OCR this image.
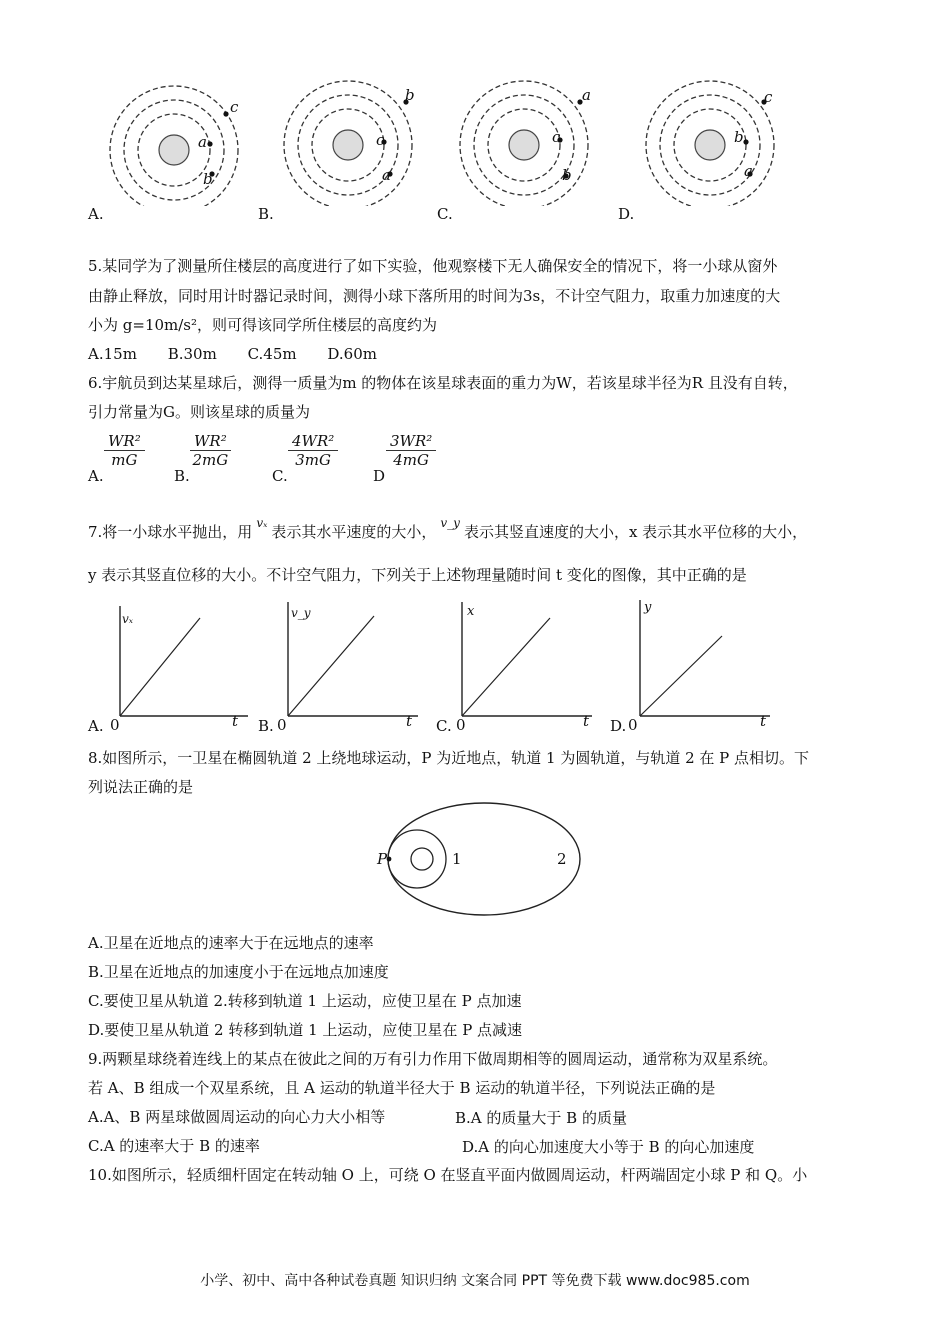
a
b
c
A.
a
c
b
B.
c
b
a
C.
b
a
c
D.
5.某同学为了测量所住楼层的高度进行了如下实验，他观察楼下无人确保安全的情况下，将一小球从窗外
由静止释放，同时用计时器记录时间，测得小球下落所用的时间为3s，不计空气阻力，取重力加速度的大
小为 g=10m/s²，则可得该同学所住楼层的高度约为
A.15m B.30m C.45m D.60m
6.宇航员到达某星球后，测得一质量为m 的物体在该星球表面的重力为W，若该星球半径为R 且没有自转，
引力常量为G。则该星球的质量为
A.
$\frac{\text{WR²}}{mG}$
B.
$\frac{\text{WR²}}{2mG}$
C.
$\frac{\text{4WR²}}{3mG}$
D
$\frac{\text{3WR²}}{4mG}$
7.将一小球水平抛出，用 $^{v_x}$ 表示其水平速度的大小， $^{v\_y}$ 表示其竖直速度的大小，x 表示其水平位移的大小，
y 表示其竖直位移的大小。不计空气阻力，下列关于上述物理量随时间 t 变化的图像，其中正确的是
vₓ
0	t
A.
v_y
0	t
B.
x
0	t
C.
y
0	t
D.
8.如图所示，一卫星在椭圆轨道 2 上绕地球运动，P 为近地点，轨道 1 为圆轨道，与轨道 2 在 P 点相切。下
列说法正确的是
P	1	2
A.卫星在近地点的速率大于在远地点的速率
B.卫星在近地点的加速度小于在远地点加速度
C.要使卫星从轨道 2.转移到轨道 1 上运动，应使卫星在 P 点加速
D.要使卫星从轨道 2 转移到轨道 1 上运动，应使卫星在 P 点减速
9.两颗星球绕着连线上的某点在彼此之间的万有引力作用下做周期相等的圆周运动，通常称为双星系统。
若 A、B 组成一个双星系统，且 A 运动的轨道半径大于 B 运动的轨道半径，下列说法正确的是
A.A、B 两星球做圆周运动的向心力大小相等	B.A 的质量大于 B 的质量
C.A 的速率大于 B 的速率	D.A 的向心加速度大小等于 B 的向心加速度
10.如图所示，轻质细杆固定在转动轴 O 上，可绕 O 在竖直平面内做圆周运动，杆两端固定小球 P 和 Q。小
小学、初中、高中各种试卷真题 知识归纳 文案合同 PPT 等免费下载 www.doc985.com
